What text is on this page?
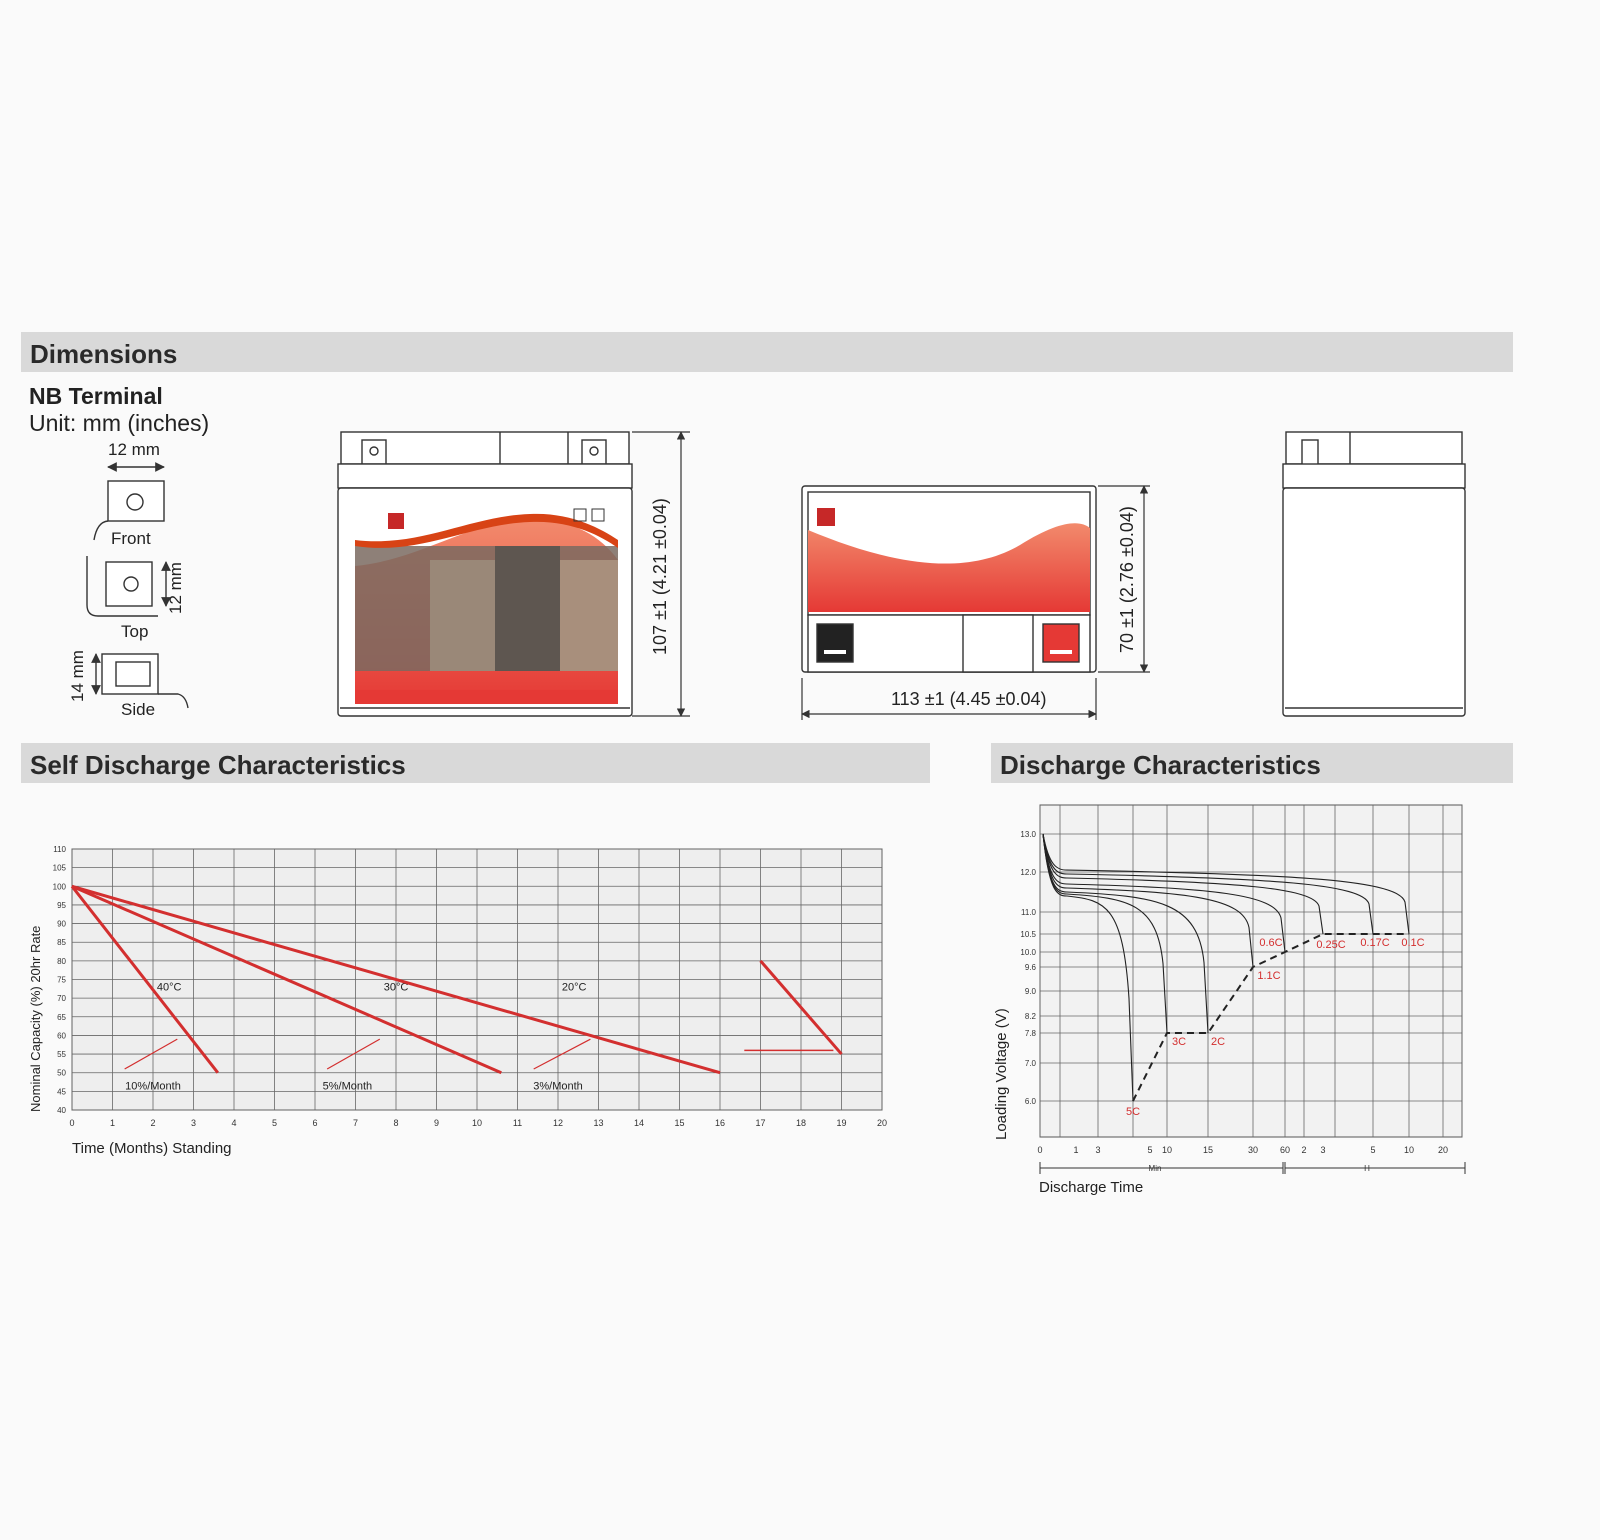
Dimensions
Self Discharge Characteristics	Discharge Characteristics
NB Terminal
Unit: mm (inches)
12 mm
Front
Top
Side
12 mm
14 mm
107 ±1 (4.21 ±0.04)	70 ±1 (2.76 ±0.04)
113 ±1 (4.45 ±0.04)
Time (Months) Standing
Nominal Capacity (%) 20hr Rate
Discharge Time
Loading Voltage (V)
0	1	2	3	4	5	6	7	8	9	10	11	12	13	14	15	16	17	18	19	20
40
45
50
55
60
65
70
75
80
85
90
95
100
105
110
40°C
10%/Month
30°C
5%/Month
20°C
3%/Month
6.0
7.0
7.8
8.2
9.0
9.6
10.0
10.5
11.0
12.0
13.0
0	1 3	5 10	15	30 60 2 3	5	10	20
Min	H
5C
3C 2C
1.1C
0.6C	0.25C 0.17C 0.1C
